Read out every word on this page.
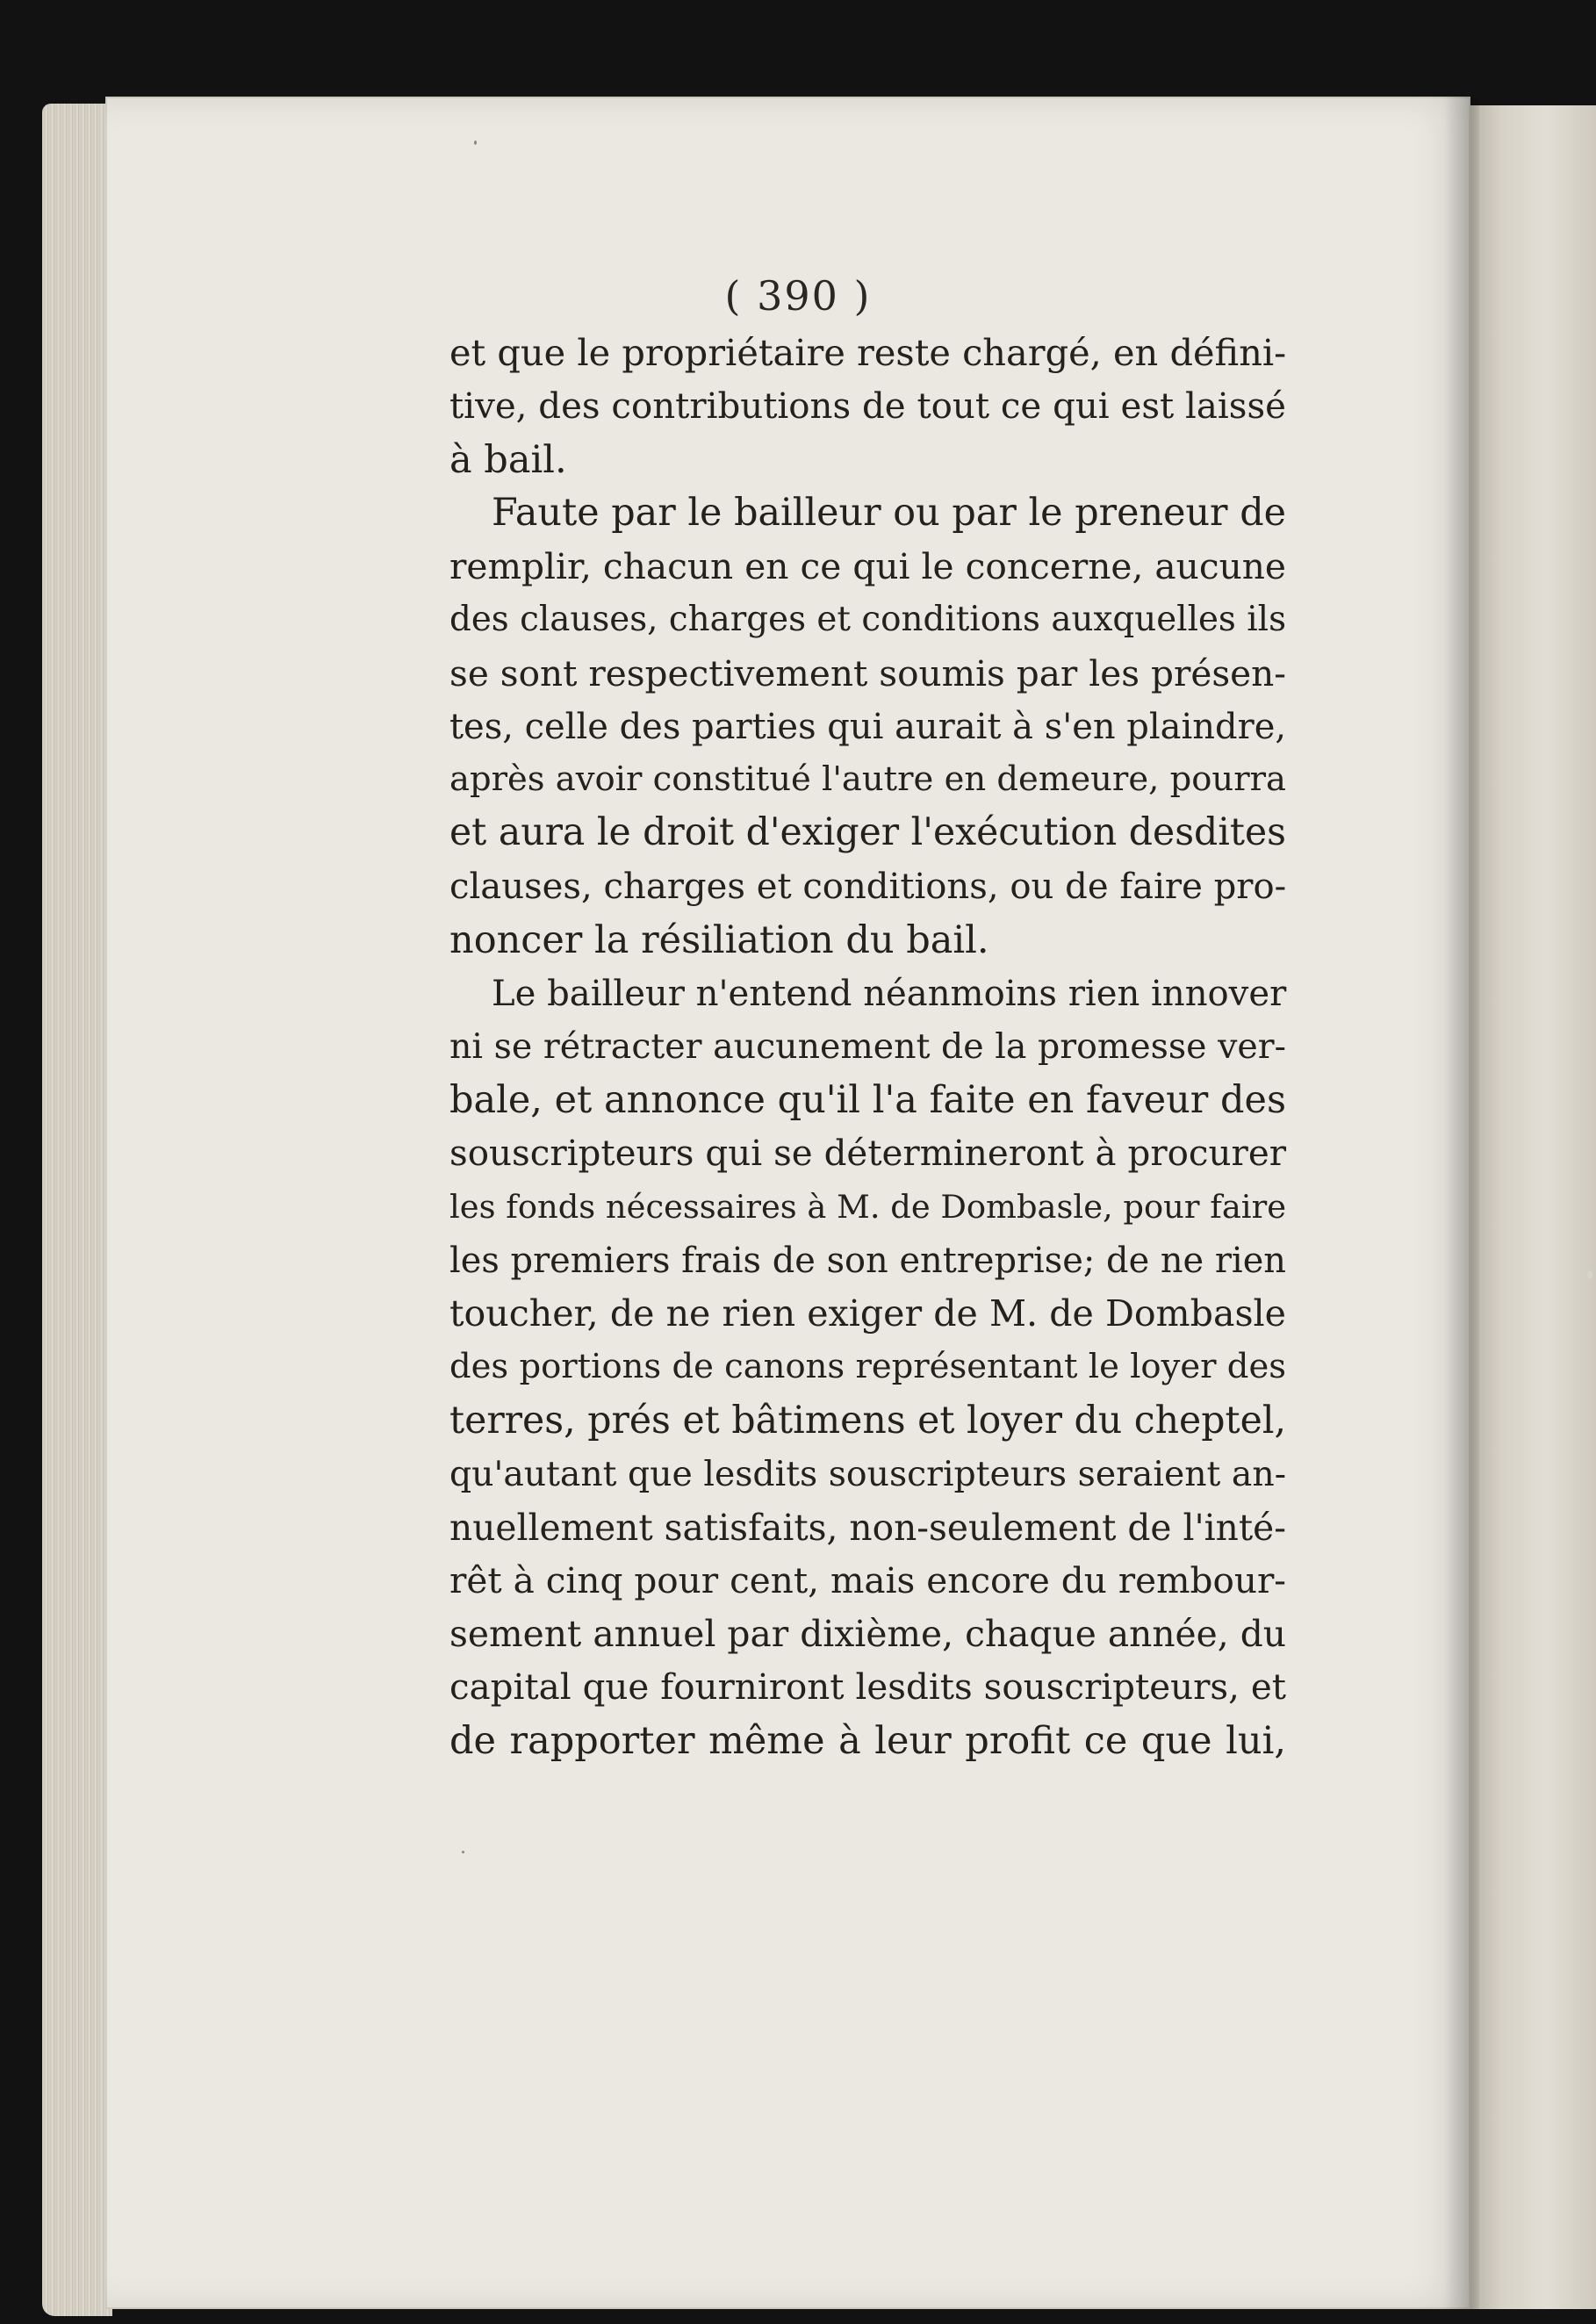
( 390 )
et que le propriétaire reste chargé, en défini-
tive, des contributions de tout ce qui est laissé
à bail.
Faute par le bailleur ou par le preneur de
remplir, chacun en ce qui le concerne, aucune
des clauses, charges et conditions auxquelles ils
se sont respectivement soumis par les présen-
tes, celle des parties qui aurait à s'en plaindre,
après avoir constitué l'autre en demeure, pourra
et aura le droit d'exiger l'exécution desdites
clauses, charges et conditions, ou de faire pro-
noncer la résiliation du bail.
Le bailleur n'entend néanmoins rien innover
ni se rétracter aucunement de la promesse ver-
bale, et annonce qu'il l'a faite en faveur des
souscripteurs qui se détermineront à procurer
les fonds nécessaires à M. de Dombasle, pour faire
les premiers frais de son entreprise; de ne rien
toucher, de ne rien exiger de M. de Dombasle
des portions de canons représentant le loyer des
terres, prés et bâtimens et loyer du cheptel,
qu'autant que lesdits souscripteurs seraient an-
nuellement satisfaits, non-seulement de l'inté-
rêt à cinq pour cent, mais encore du rembour-
sement annuel par dixième, chaque année, du
capital que fourniront lesdits souscripteurs, et
de rapporter même à leur profit ce que lui,
